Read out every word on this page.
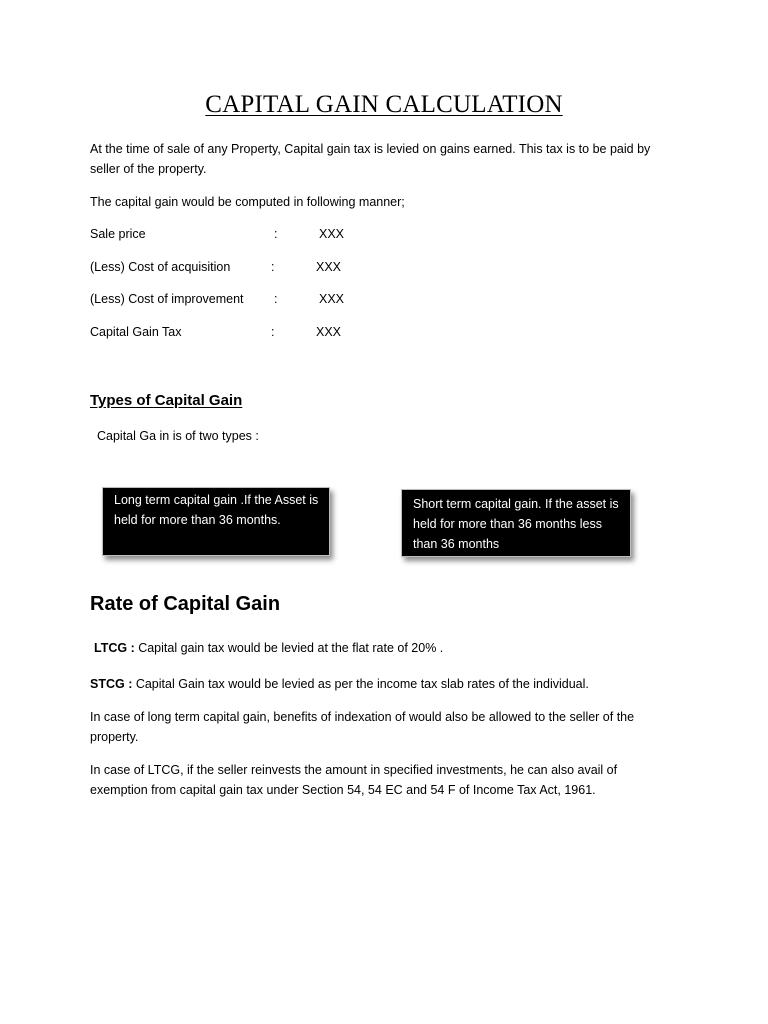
CAPITAL GAIN CALCULATION

At the time of sale of any Property, Capital gain tax is levied on gains earned. This tax is to be paid by seller of the property.

The capital gain would be computed in following manner;

Sale price	:	XXX
(Less) Cost of acquisition	:	XXX
(Less) Cost of improvement :	XXX
Capital Gain Tax	:	XXX
Types of Capital Gain
Capital Ga in is of two types :
Long term capital gain .If the Asset is held for more than 36 months.
Short term capital gain. If the asset is held for more than 36 months less than 36 months
Rate of Capital Gain

LTCG : Capital gain tax would be levied at the flat rate of 20% .

STCG : Capital Gain tax would be levied as per the income tax slab rates of the individual.

In case of long term capital gain, benefits of indexation of would also be allowed to the seller of the property.

In case of LTCG, if the seller reinvests the amount in specified investments, he can also avail of exemption from capital gain tax under Section 54, 54 EC and 54 F of Income Tax Act, 1961.
